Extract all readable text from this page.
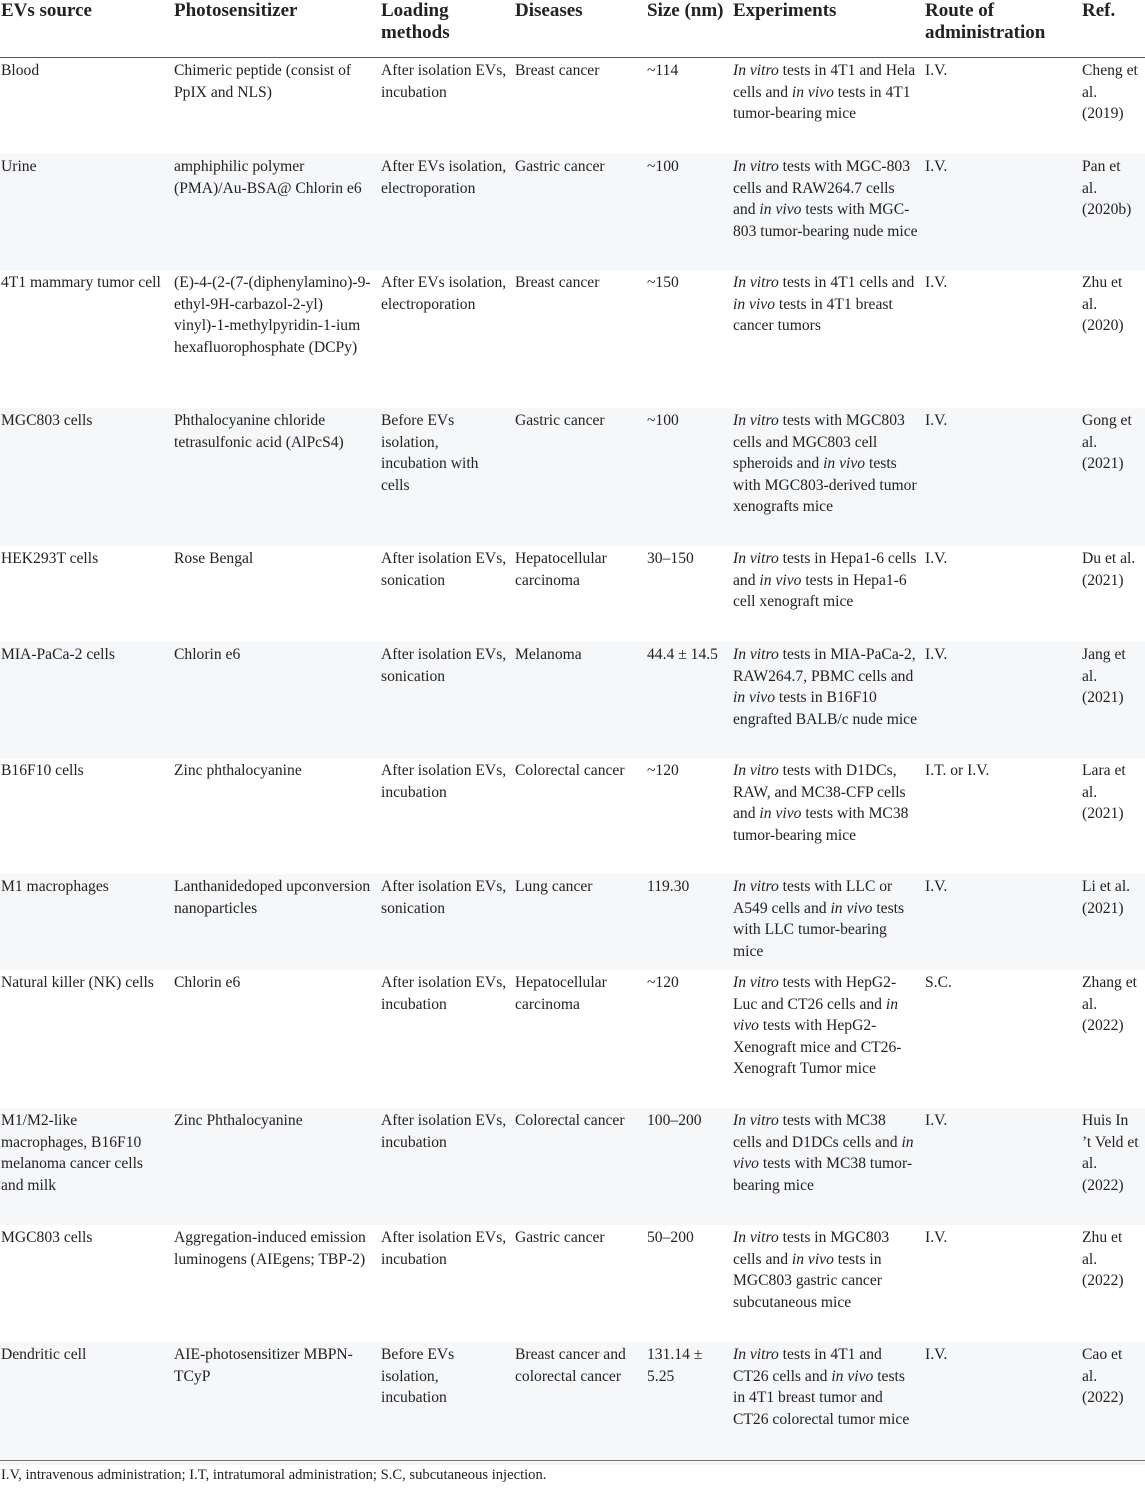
EVs source	Photosensitizer	Loading methods	Diseases	Size (nm)	Experiments	Route of administration	Ref.
Blood	Chimeric peptide (consist of PpIX and NLS)	After isolation EVs, incubation	Breast cancer	~114	In vitro tests in 4T1 and Hela cells and in vivo tests in 4T1 tumor-bearing mice	I.V.	Cheng et al. (2019)
Urine	amphiphilic polymer (PMA)/Au-BSA@ Chlorin e6	After EVs isolation, electroporation	Gastric cancer	~100	In vitro tests with MGC-803 cells and RAW264.7 cells and in vivo tests with MGC-803 tumor-bearing nude mice	I.V.	Pan et al. (2020b)
4T1 mammary tumor cell	(E)-4-(2-(7-(diphenylamino)-9-ethyl-9H-carbazol-2-yl) vinyl)-1-methylpyridin-1-ium hexafluorophosphate (DCPy)	After EVs isolation, electroporation	Breast cancer	~150	In vitro tests in 4T1 cells and in vivo tests in 4T1 breast cancer tumors	I.V.	Zhu et al. (2020)
MGC803 cells	Phthalocyanine chloride tetrasulfonic acid (AlPcS4)	Before EVs isolation, incubation with cells	Gastric cancer	~100	In vitro tests with MGC803 cells and MGC803 cell spheroids and in vivo tests with MGC803-derived tumor xenografts mice	I.V.	Gong et al. (2021)
HEK293T cells	Rose Bengal	After isolation EVs, sonication	Hepatocellular carcinoma	30–150	In vitro tests in Hepa1-6 cells and in vivo tests in Hepa1-6 cell xenograft mice	I.V.	Du et al. (2021)
MIA-PaCa-2 cells	Chlorin e6	After isolation EVs, sonication	Melanoma	44.4 ± 14.5	In vitro tests in MIA-PaCa-2, RAW264.7, PBMC cells and in vivo tests in B16F10 engrafted BALB/c nude mice	I.V.	Jang et al. (2021)
B16F10 cells	Zinc phthalocyanine	After isolation EVs, incubation	Colorectal cancer	~120	In vitro tests with D1DCs, RAW, and MC38-CFP cells and in vivo tests with MC38 tumor-bearing mice	I.T. or I.V.	Lara et al. (2021)
M1 macrophages	Lanthanidedoped upconversion nanoparticles	After isolation EVs, sonication	Lung cancer	119.30	In vitro tests with LLC or A549 cells and in vivo tests with LLC tumor-bearing mice	I.V.	Li et al. (2021)
Natural killer (NK) cells	Chlorin e6	After isolation EVs, incubation	Hepatocellular carcinoma	~120	In vitro tests with HepG2-Luc and CT26 cells and in vivo tests with HepG2-Xenograft mice and CT26-Xenograft Tumor mice	S.C.	Zhang et al. (2022)
M1/M2-like macrophages, B16F10 melanoma cancer cells and milk	Zinc Phthalocyanine	After isolation EVs, incubation	Colorectal cancer	100–200	In vitro tests with MC38 cells and D1DCs cells and in vivo tests with MC38 tumor-bearing mice	I.V.	Huis In ’t Veld et al. (2022)
MGC803 cells	Aggregation-induced emission luminogens (AIEgens; TBP-2)	After isolation EVs, incubation	Gastric cancer	50–200	In vitro tests in MGC803 cells and in vivo tests in MGC803 gastric cancer subcutaneous mice	I.V.	Zhu et al. (2022)
Dendritic cell	AIE-photosensitizer MBPN-TCyP	Before EVs isolation, incubation	Breast cancer and colorectal cancer	131.14 ± 5.25	In vitro tests in 4T1 and CT26 cells and in vivo tests in 4T1 breast tumor and CT26 colorectal tumor mice	I.V.	Cao et al. (2022)
I.V, intravenous administration; I.T, intratumoral administration; S.C, subcutaneous injection.
